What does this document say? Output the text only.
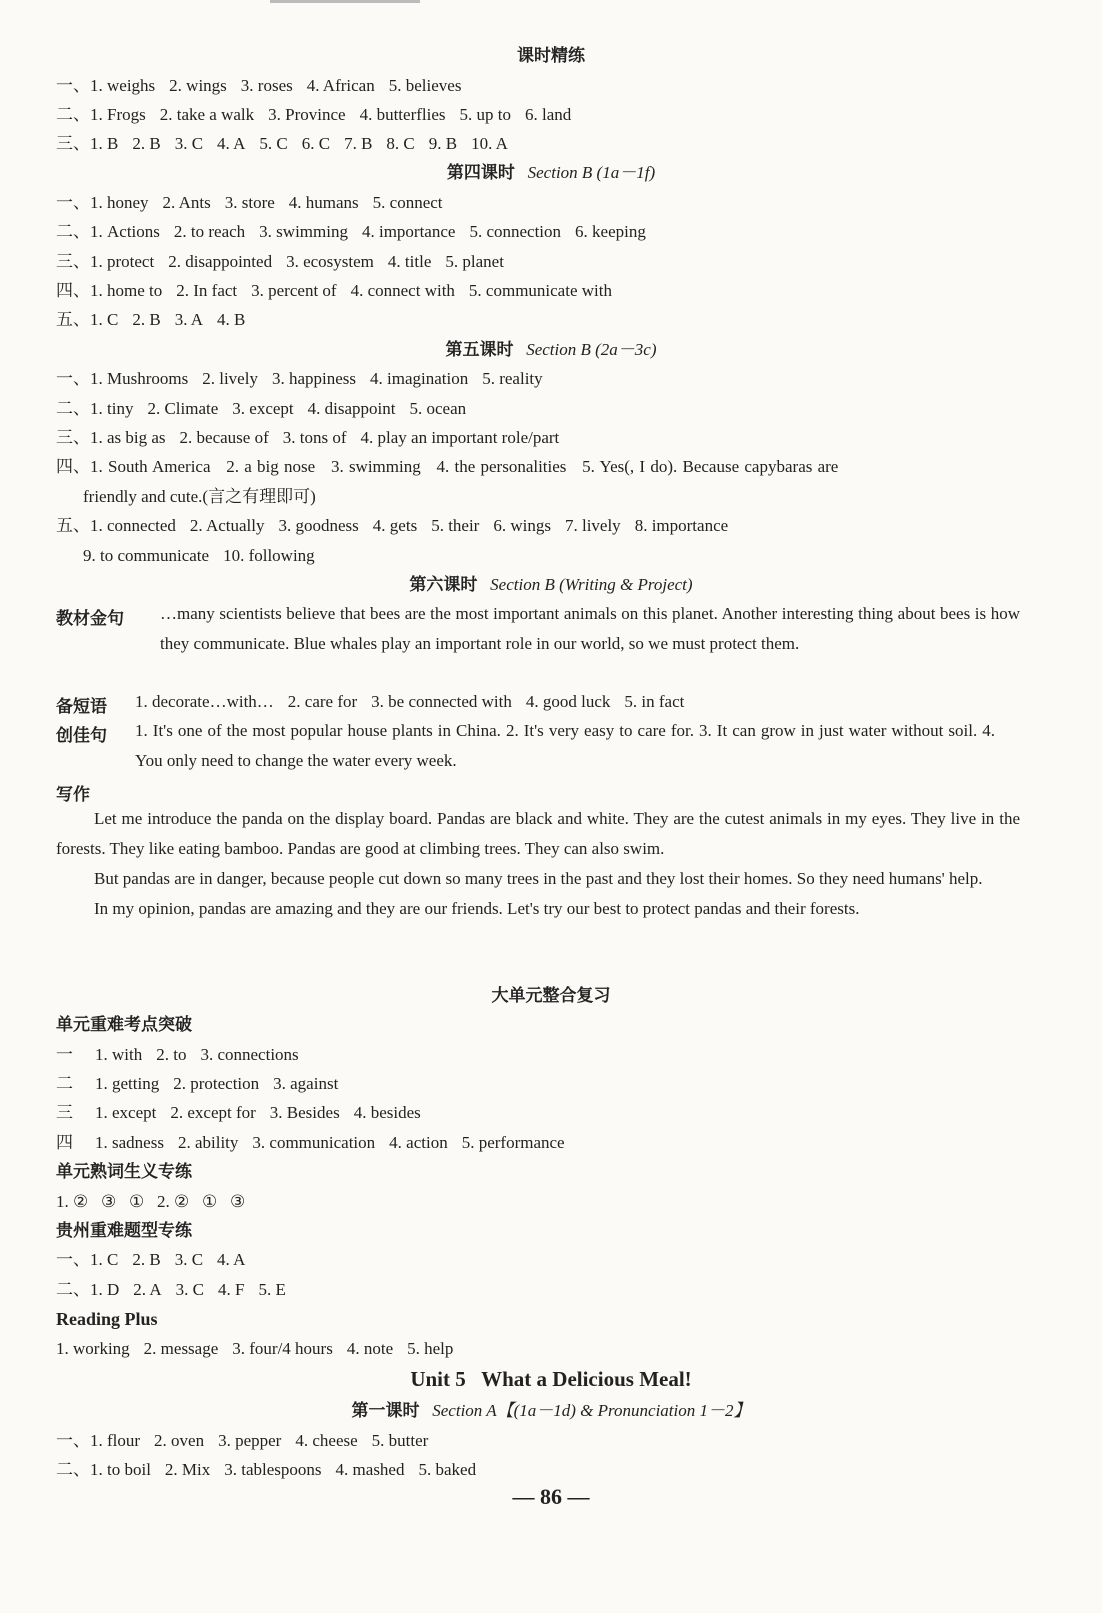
课时精练
一、1. weighs 2. wings 3. roses 4. African 5. believes
二、1. Frogs 2. take a walk 3. Province 4. butterflies 5. up to 6. land
三、1. B 2. B 3. C 4. A 5. C 6. C 7. B 8. C 9. B 10. A
第四课时 Section B (1a－1f)
一、1. honey 2. Ants 3. store 4. humans 5. connect
二、1. Actions 2. to reach 3. swimming 4. importance 5. connection 6. keeping
三、1. protect 2. disappointed 3. ecosystem 4. title 5. planet
四、1. home to 2. In fact 3. percent of 4. connect with 5. communicate with
五、1. C 2. B 3. A 4. B
第五课时 Section B (2a－3c)
一、1. Mushrooms 2. lively 3. happiness 4. imagination 5. reality
二、1. tiny 2. Climate 3. except 4. disappoint 5. ocean
三、1. as big as 2. because of 3. tons of 4. play an important role/part
四、1. South America   2. a big nose   3. swimming   4. the personalities   5. Yes(, I do). Because capybaras are
friendly and cute.(言之有理即可)
五、1. connected 2. Actually 3. goodness 4. gets 5. their 6. wings 7. lively 8. importance
9. to communicate 10. following
第六课时 Section B (Writing & Project)
教材金句 …many scientists believe that bees are the most important animals on this planet. Another interesting thing about bees is how they communicate. Blue whales play an important role in our world, so we must protect them.
备短语 1. decorate…with… 2. care for 3. be connected with 4. good luck 5. in fact
创佳句 1. It's one of the most popular house plants in China. 2. It's very easy to care for. 3. It can grow in just water without soil. 4. You only need to change the water every week.
写作

Let me introduce the panda on the display board. Pandas are black and white. They are the cutest animals in my eyes. They live in the forests. They like eating bamboo. Pandas are good at climbing trees. They can also swim.

But pandas are in danger, because people cut down so many trees in the past and they lost their homes. So they need humans' help.

In my opinion, pandas are amazing and they are our friends. Let's try our best to protect pandas and their forests.

大单元整合复习
单元重难考点突破
一 1. with 2. to 3. connections
二 1. getting 2. protection 3. against
三 1. except 2. except for 3. Besides 4. besides
四 1. sadness 2. ability 3. communication 4. action 5. performance
单元熟词生义专练
1. ②   ③   ①   2. ②   ①   ③
贵州重难题型专练
一、1. C 2. B 3. C 4. A
二、1. D 2. A 3. C 4. F 5. E
Reading Plus
1. working 2. message 3. four/4 hours 4. note 5. help
Unit 5   What a Delicious Meal!
第一课时 Section A【(1a－1d) & Pronunciation 1－2】
一、1. flour 2. oven 3. pepper 4. cheese 5. butter
二、1. to boil 2. Mix 3. tablespoons 4. mashed 5. baked
— 86 —
